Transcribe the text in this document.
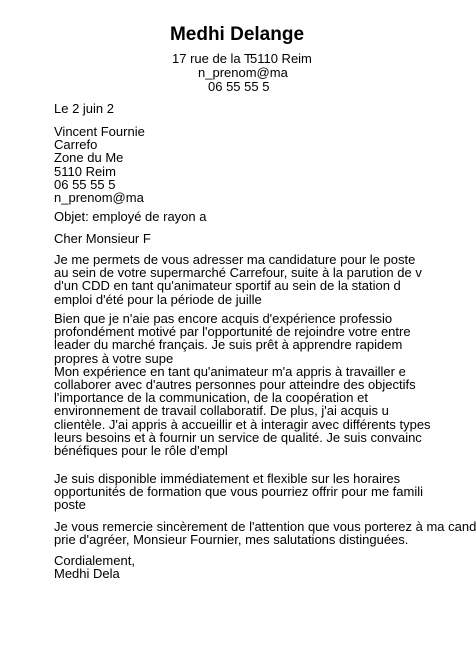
Medhi Delange
17 rue de la T5110 Reim
n_prenom@ma
06 55 55 5
Le 2 juin 2
Vincent Fournie
Carrefo
Zone du Me
5110 Reim
06 55 55 5
n_prenom@ma
Objet: employé de rayon a
Cher Monsieur F
Je me permets de vous adresser ma candidature pour le poste
au sein de votre supermarché Carrefour, suite à la parution de v
d'un CDD en tant qu'animateur sportif au sein de la station d
emploi d'été pour la période de juille
Bien que je n'aie pas encore acquis d'expérience professio
profondément motivé par l'opportunité de rejoindre votre entre
leader du marché français. Je suis prêt à apprendre rapidem
propres à votre supe
Mon expérience en tant qu'animateur m'a appris à travailler e
collaborer avec d'autres personnes pour atteindre des objectifs
l'importance de la communication, de la coopération et
environnement de travail collaboratif. De plus, j'ai acquis u
clientèle. J'ai appris à accueillir et à interagir avec différents types
leurs besoins et à fournir un service de qualité. Je suis convainc
bénéfiques pour le rôle d'empl
Je suis disponible immédiatement et flexible sur les horaires
opportunités de formation que vous pourriez offrir pour me famili
poste
Je vous remercie sincèrement de l'attention que vous porterez à ma cand
prie d'agréer, Monsieur Fournier, mes salutations distinguées.
Cordialement,
Medhi Dela
